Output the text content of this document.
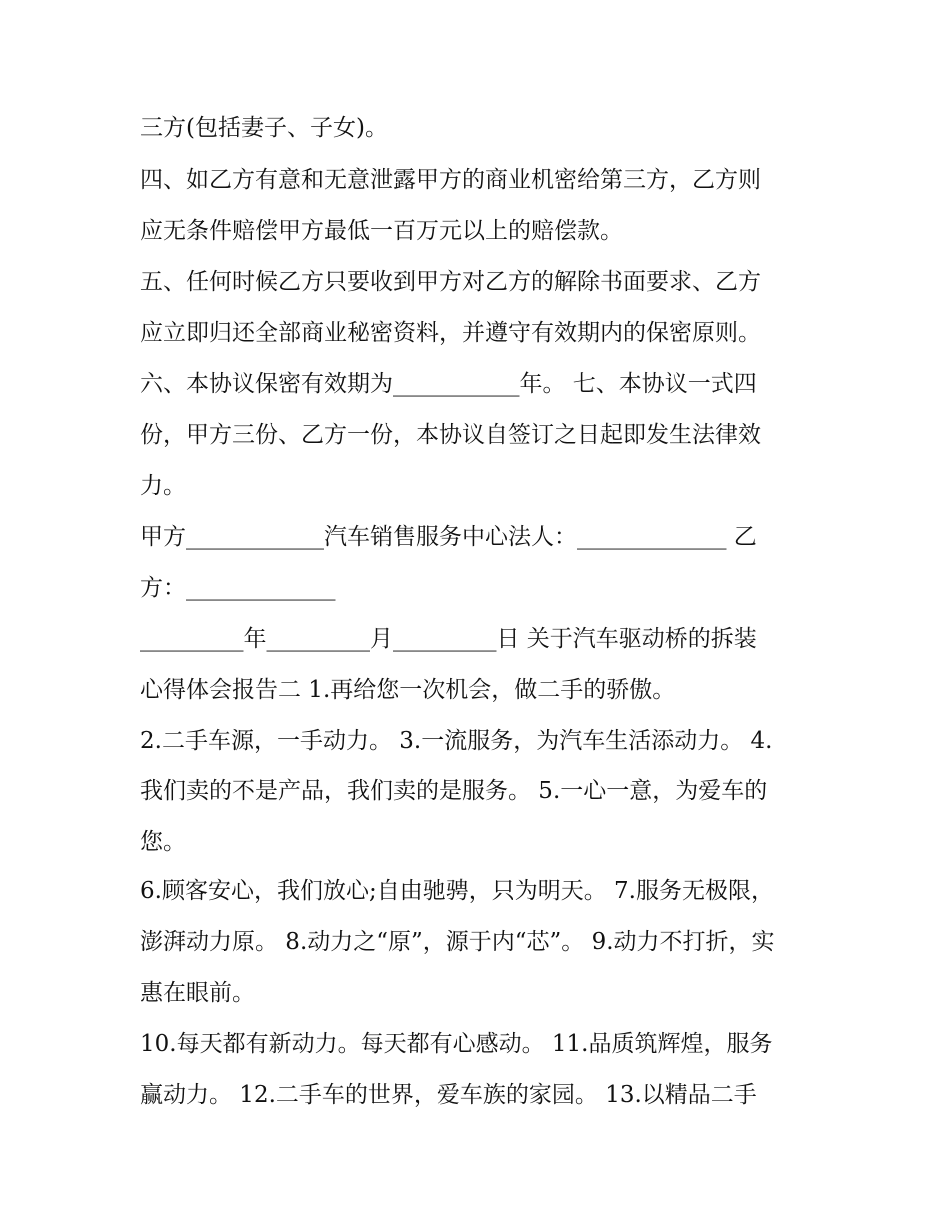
三方(包括妻子、子女)。
四、如乙方有意和无意泄露甲方的商业机密给第三方，乙方则
应无条件赔偿甲方最低一百万元以上的赔偿款。
五、任何时候乙方只要收到甲方对乙方的解除书面要求、乙方
应立即归还全部商业秘密资料，并遵守有效期内的保密原则。
六、本协议保密有效期为___________年。 七、本协议一式四
份，甲方三份、乙方一份，本协议自签订之日起即发生法律效
力。
甲方____________汽车销售服务中心法人：_____________ 乙
方：_____________
_________年_________月_________日 关于汽车驱动桥的拆装
心得体会报告二 1.再给您一次机会，做二手的骄傲。
2.二手车源，一手动力。 3.一流服务，为汽车生活添动力。 4.
我们卖的不是产品，我们卖的是服务。 5.一心一意，为爱车的
您。
6.顾客安心，我们放心;自由驰骋，只为明天。 7.服务无极限，
澎湃动力原。 8.动力之“原”，源于内“芯”。 9.动力不打折，实
惠在眼前。
10.每天都有新动力。每天都有心感动。 11.品质筑辉煌，服务
赢动力。 12.二手车的世界，爱车族的家园。 13.以精品二手
